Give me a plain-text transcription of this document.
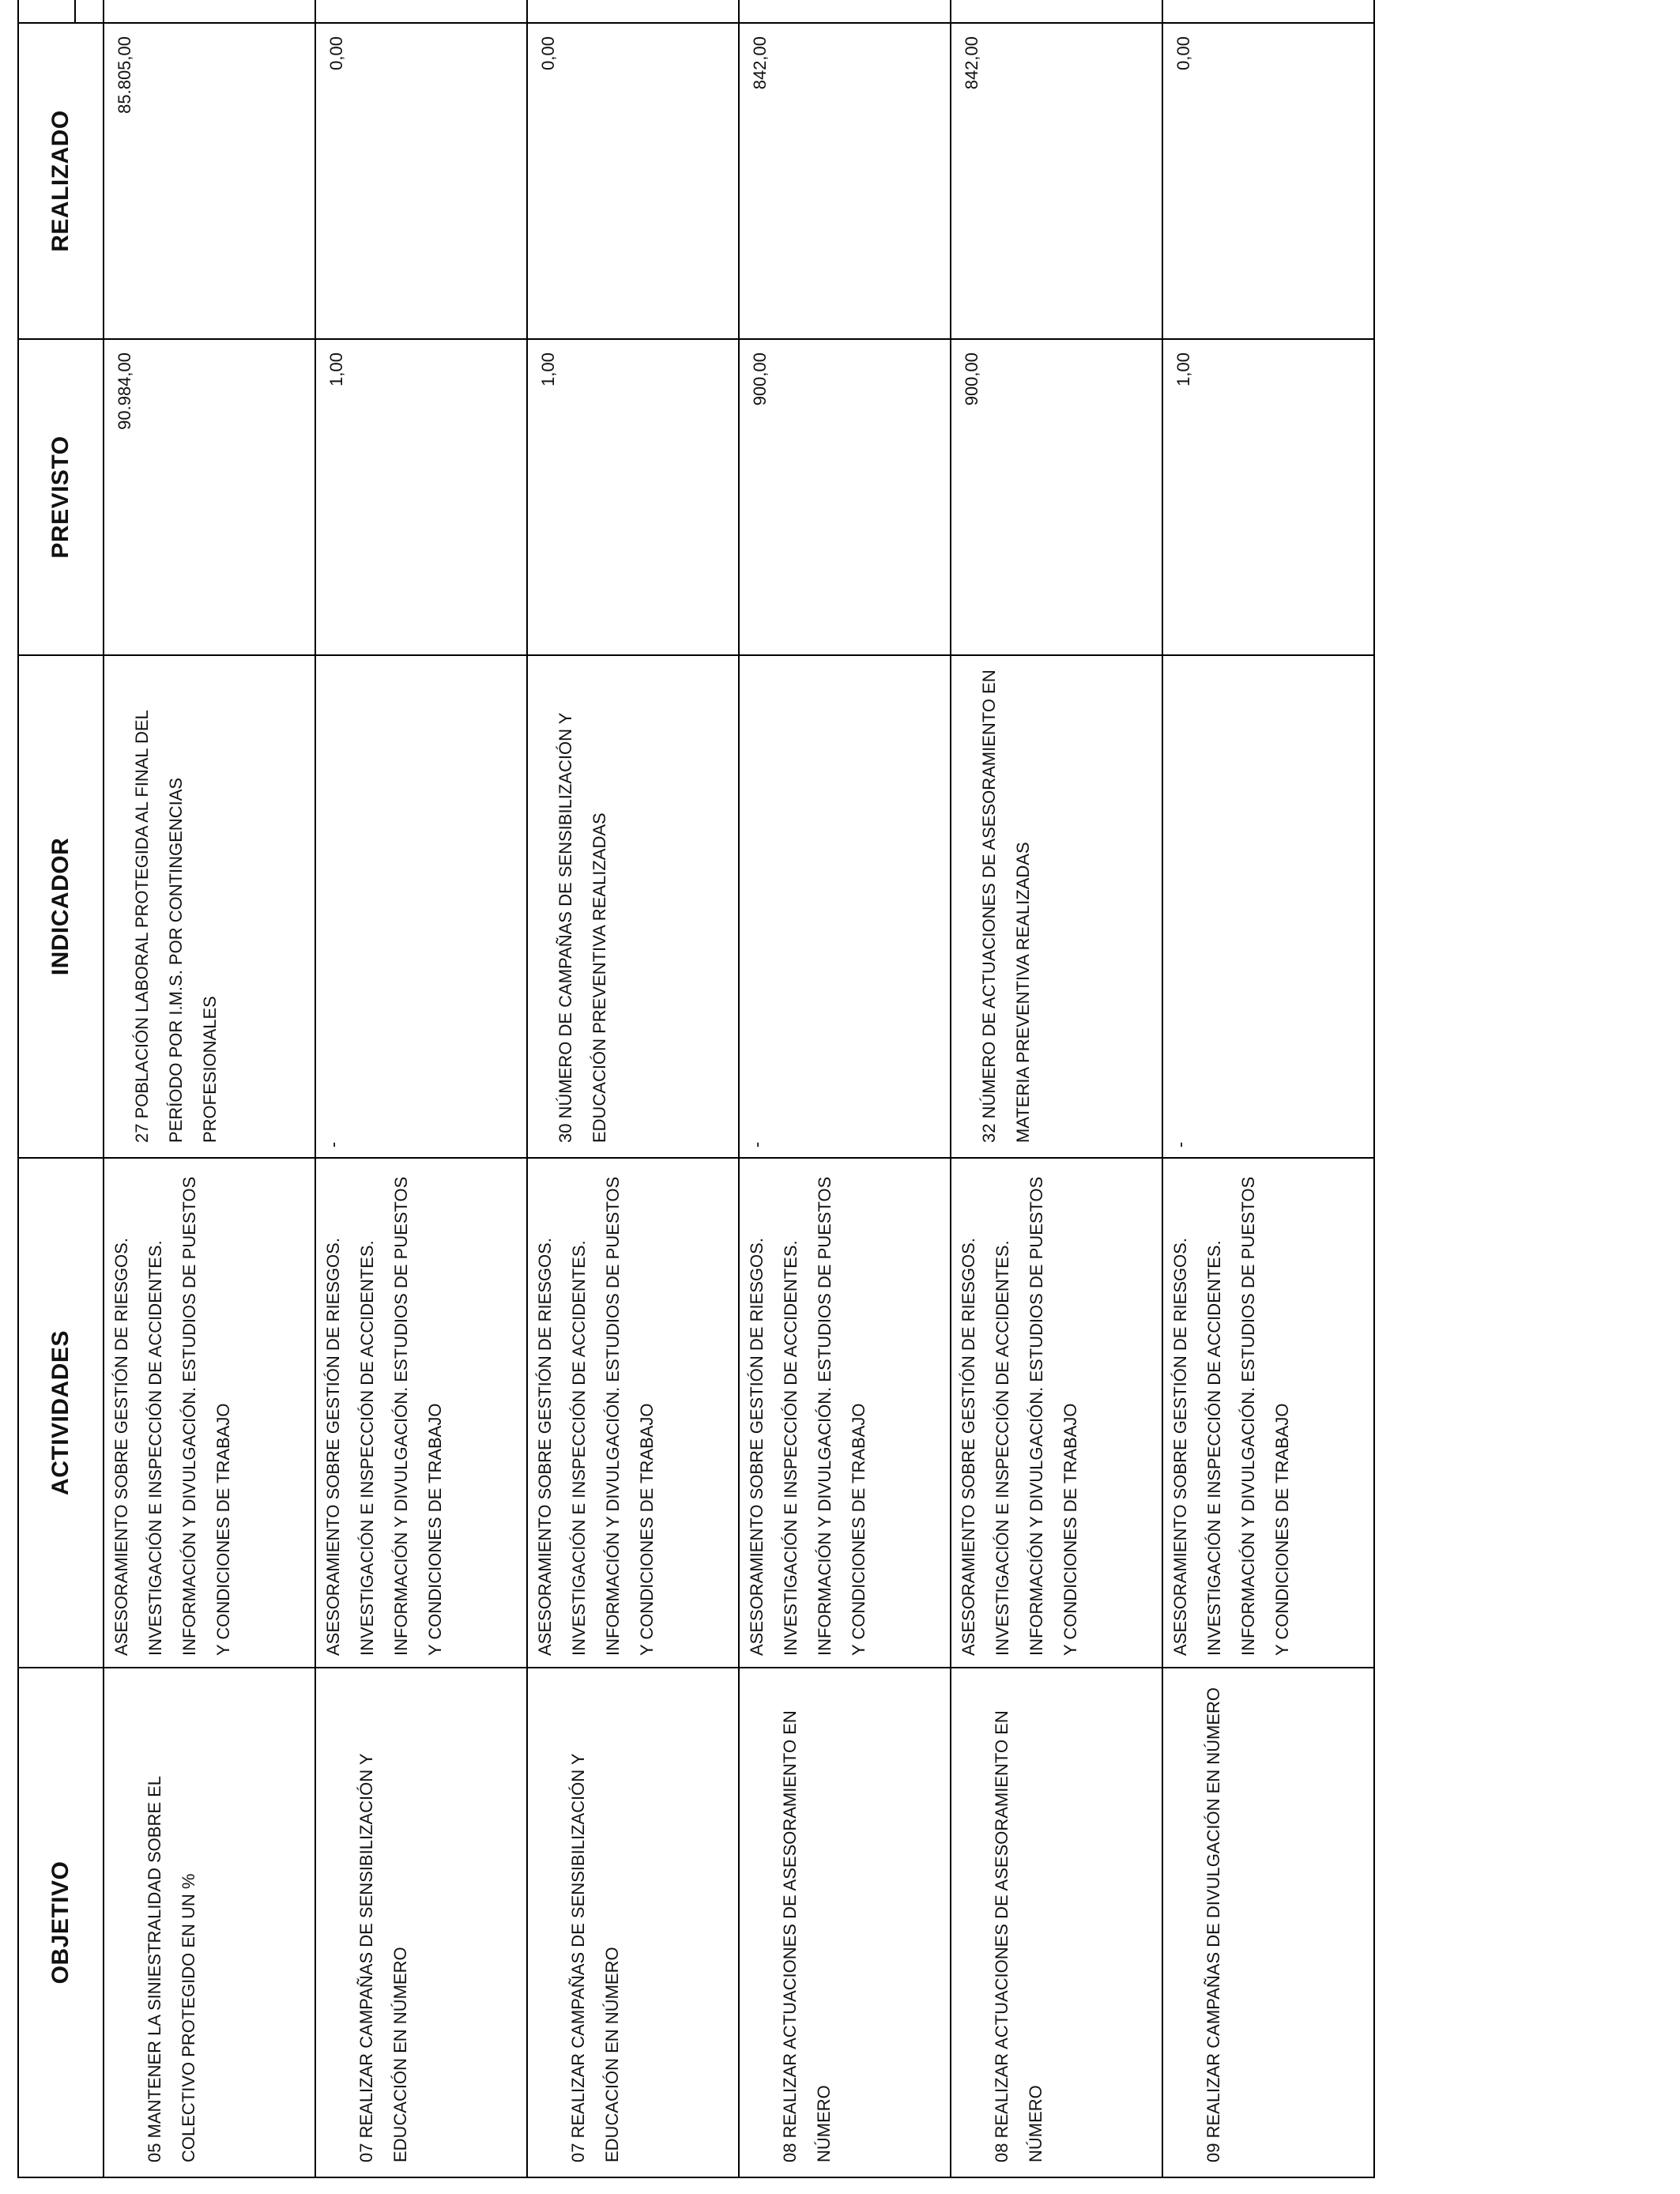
OBJETIVO	ACTIVIDADES	INDICADOR	PREVISTO	REALIZADO	

05 MANTENER LA SINIESTRALIDAD SOBRE EL COLECTIVO PROTEGIDO EN UN %	ASESORAMIENTO SOBRE GESTIÓN DE RIESGOS. INVESTIGACIÓN E INSPECCIÓN DE ACCIDENTES. INFORMACIÓN Y DIVULGACIÓN. ESTUDIOS DE PUESTOS Y CONDICIONES DE TRABAJO	27 POBLACIÓN LABORAL PROTEGIDA AL FINAL DEL PERÍODO POR I.M.S. POR CONTINGENCIAS PROFESIONALES	90.984,00	85.805,00		
07 REALIZAR CAMPAÑAS DE SENSIBILIZACIÓN Y EDUCACIÓN EN NÚMERO	ASESORAMIENTO SOBRE GESTIÓN DE RIESGOS. INVESTIGACIÓN E INSPECCIÓN DE ACCIDENTES. INFORMACIÓN Y DIVULGACIÓN. ESTUDIOS DE PUESTOS Y CONDICIONES DE TRABAJO	-	1,00	0,00		
07 REALIZAR CAMPAÑAS DE SENSIBILIZACIÓN Y EDUCACIÓN EN NÚMERO	ASESORAMIENTO SOBRE GESTIÓN DE RIESGOS. INVESTIGACIÓN E INSPECCIÓN DE ACCIDENTES. INFORMACIÓN Y DIVULGACIÓN. ESTUDIOS DE PUESTOS Y CONDICIONES DE TRABAJO	30 NÚMERO DE CAMPAÑAS DE SENSIBILIZACIÓN Y EDUCACIÓN PREVENTIVA REALIZADAS	1,00	0,00		
08 REALIZAR ACTUACIONES DE ASESORAMIENTO EN NÚMERO	ASESORAMIENTO SOBRE GESTIÓN DE RIESGOS. INVESTIGACIÓN E INSPECCIÓN DE ACCIDENTES. INFORMACIÓN Y DIVULGACIÓN. ESTUDIOS DE PUESTOS Y CONDICIONES DE TRABAJO	-	900,00	842,00		
08 REALIZAR ACTUACIONES DE ASESORAMIENTO EN NÚMERO	ASESORAMIENTO SOBRE GESTIÓN DE RIESGOS. INVESTIGACIÓN E INSPECCIÓN DE ACCIDENTES. INFORMACIÓN Y DIVULGACIÓN. ESTUDIOS DE PUESTOS Y CONDICIONES DE TRABAJO	32 NÚMERO DE ACTUACIONES DE ASESORAMIENTO EN MATERIA PREVENTIVA REALIZADAS	900,00	842,00		
09 REALIZAR CAMPAÑAS DE DIVULGACIÓN EN NÚMERO	ASESORAMIENTO SOBRE GESTIÓN DE RIESGOS. INVESTIGACIÓN E INSPECCIÓN DE ACCIDENTES. INFORMACIÓN Y DIVULGACIÓN. ESTUDIOS DE PUESTOS Y CONDICIONES DE TRABAJO	-	1,00	0,00		
